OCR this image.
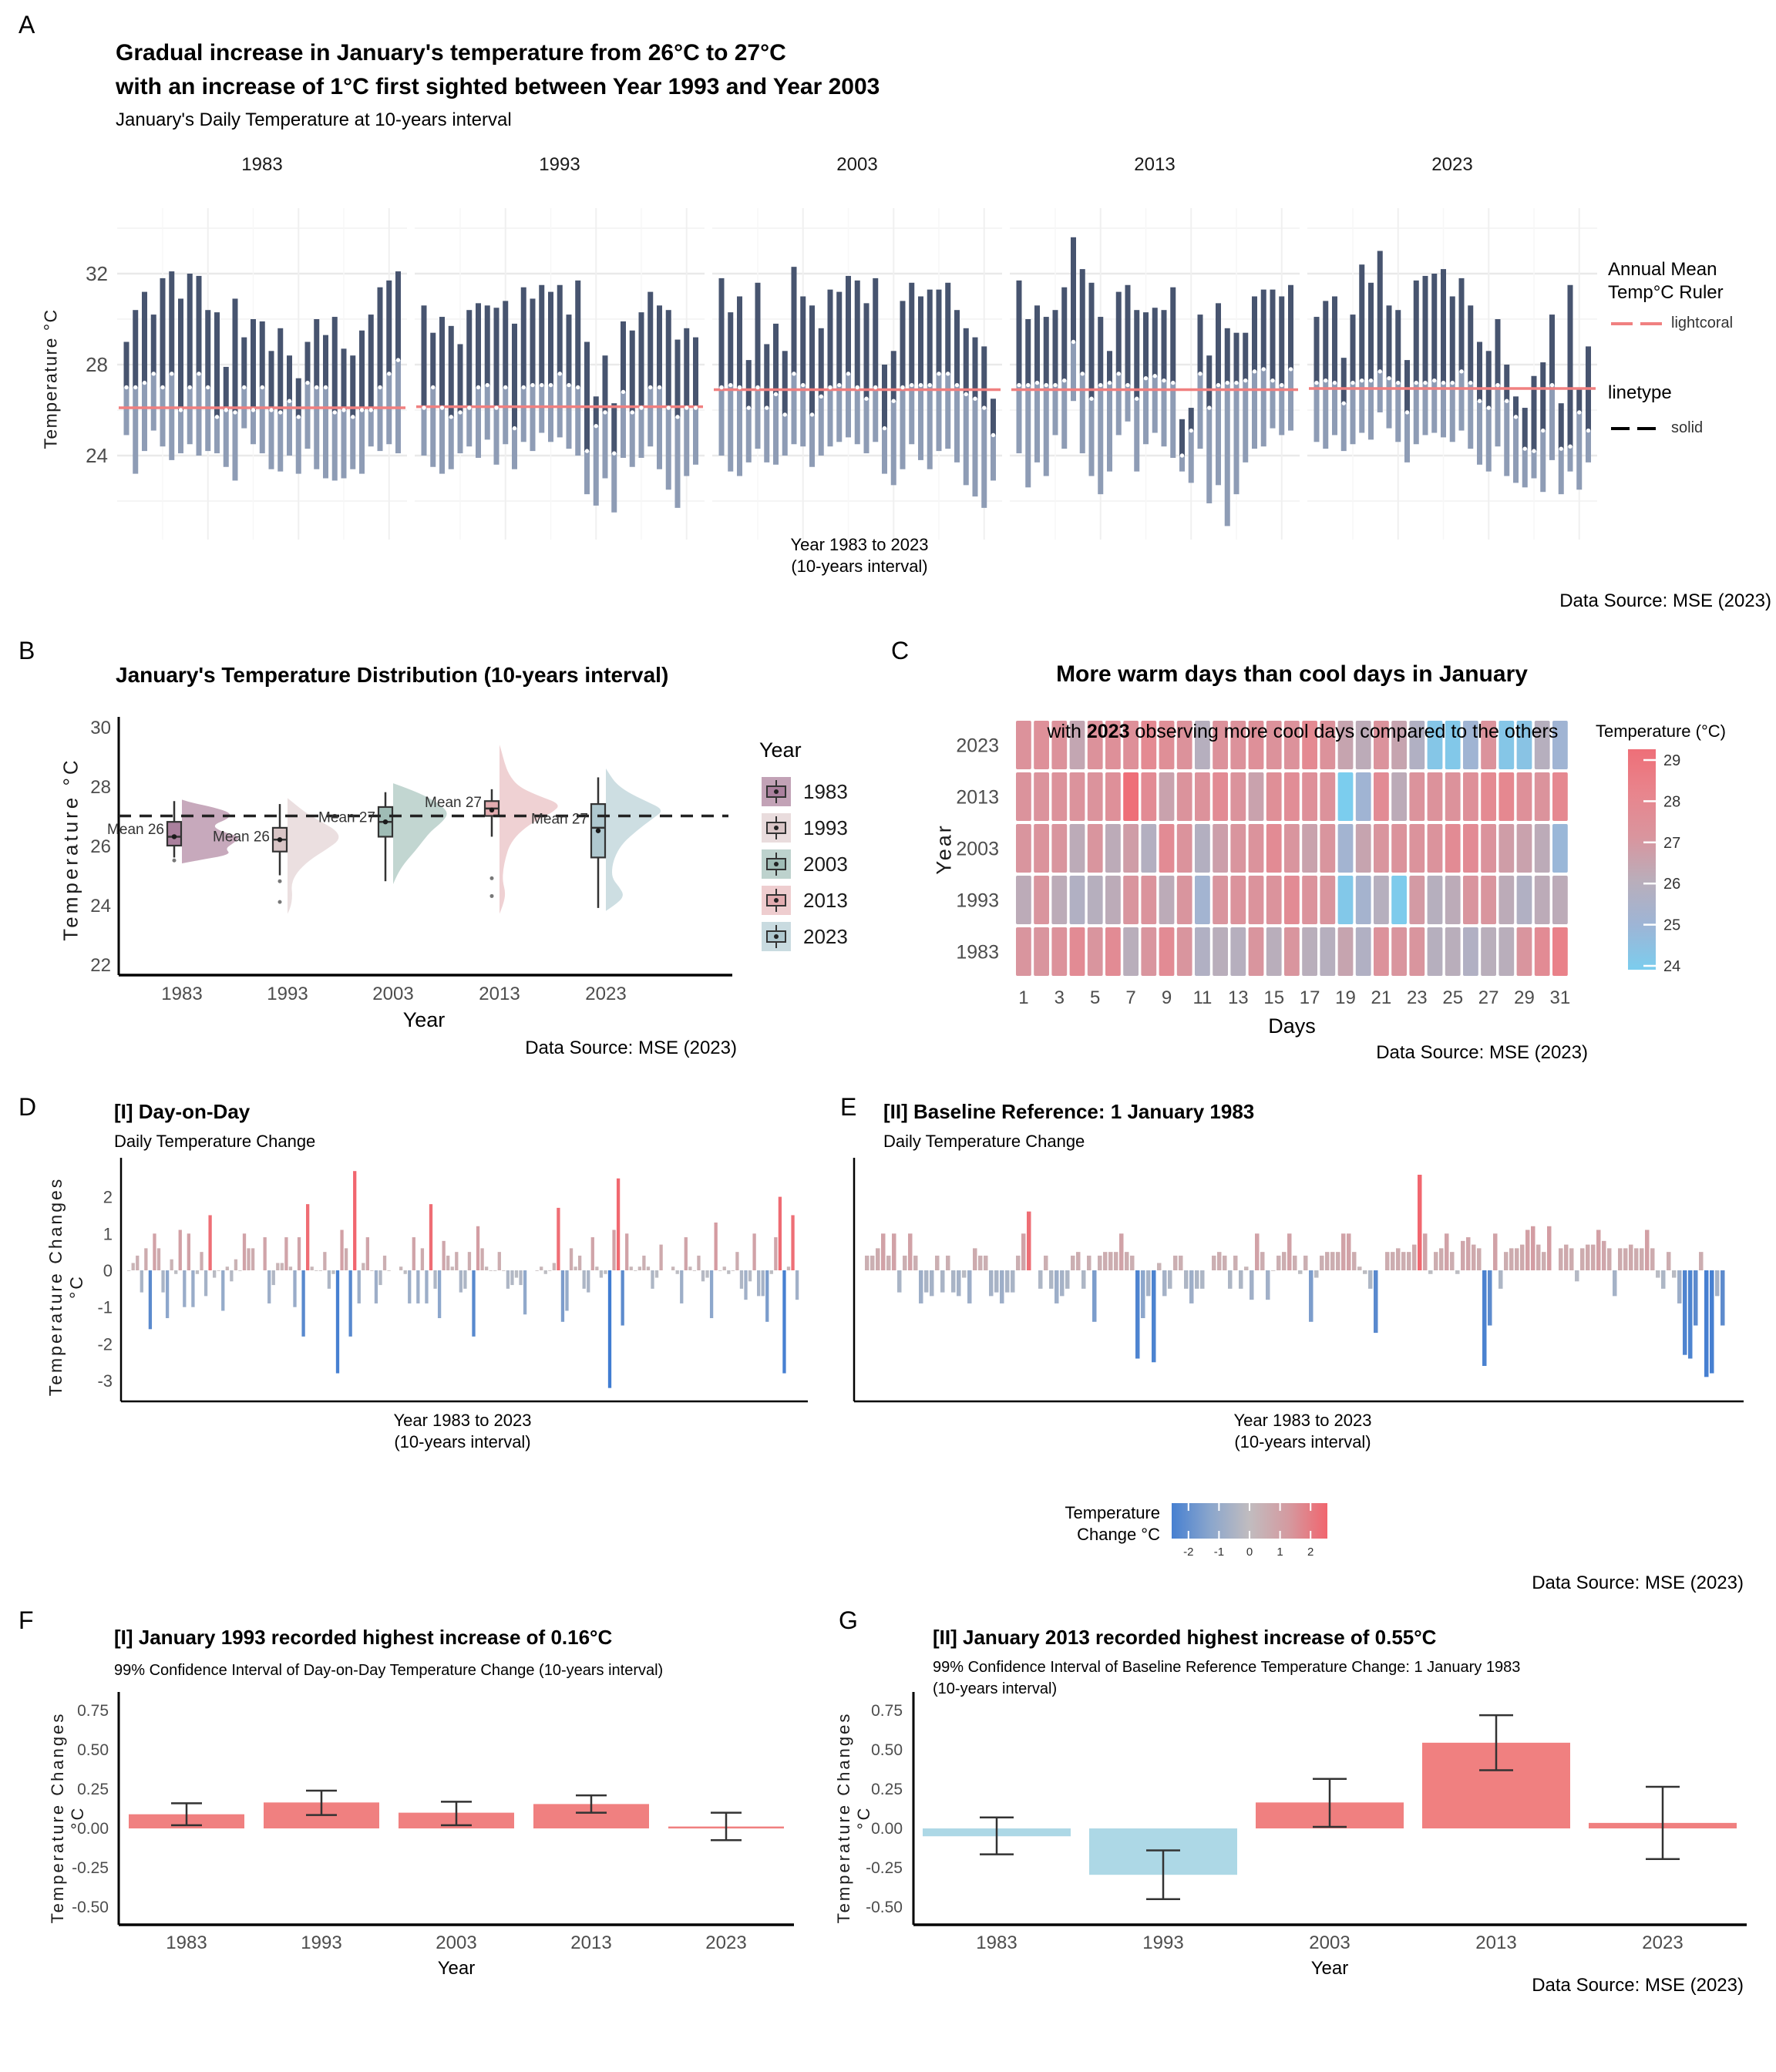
1983	1993	2003	2013	2023
32
28
24
30
28
26
24
22
1983	1993	2003	2013	2023
Mean 26	Mean 26
Mean 27
Mean 27
Mean 27
1983
1993
2003
2013
2023
2023
2013
2003
1993
1983
1 3 5 7 9 11 13 15 17 19 21 23 25 27 29 31
29
28
27
26
25
24
2
1
0
-1
-2
-3
-2 -1 0 1 2
0.75
0.50
0.25
0.00
-0.25
-0.50
1983	1993	2003	2013	2023
0.75
0.50
0.25
0.00
-0.25
-0.50
1983	1993	2003	2013	2023
A
Gradual increase in January's temperature from 26°C to 27°C
with an increase of 1°C first sighted between Year 1993 and Year 2003
January's Daily Temperature at 10-years interval
Temperature °C
Year 1983 to 2023
(10-years interval)
Data Source: MSE (2023)
Annual Mean
Temp°C Ruler
lightcoral
linetype
solid
B
January's Temperature Distribution (10-years interval)
Temperature °C
Year
Data Source: MSE (2023)
Year
C
More warm days than cool days in January

with 2023 observing more cool days compared to the others

Year
Days
Data Source: MSE (2023)
Temperature (°C)
D	[I] Day-on-Day
Daily Temperature Change
Temperature Changes °C
Year 1983 to 2023
(10-years interval)
E [II] Baseline Reference: 1 January 1983
Daily Temperature Change
Year 1983 to 2023
(10-years interval)
Temperature
Change °C
Data Source: MSE (2023)
F
[I] January 1993 recorded highest increase of 0.16°C
99% Confidence Interval of Day-on-Day Temperature Change (10-years interval)
Temperature Changes °C
Year
G
[II] January 2013 recorded highest increase of 0.55°C
99% Confidence Interval of Baseline Reference Temperature Change: 1 January 1983
(10-years interval)
Temperature Changes °C
Year
Data Source: MSE (2023)
